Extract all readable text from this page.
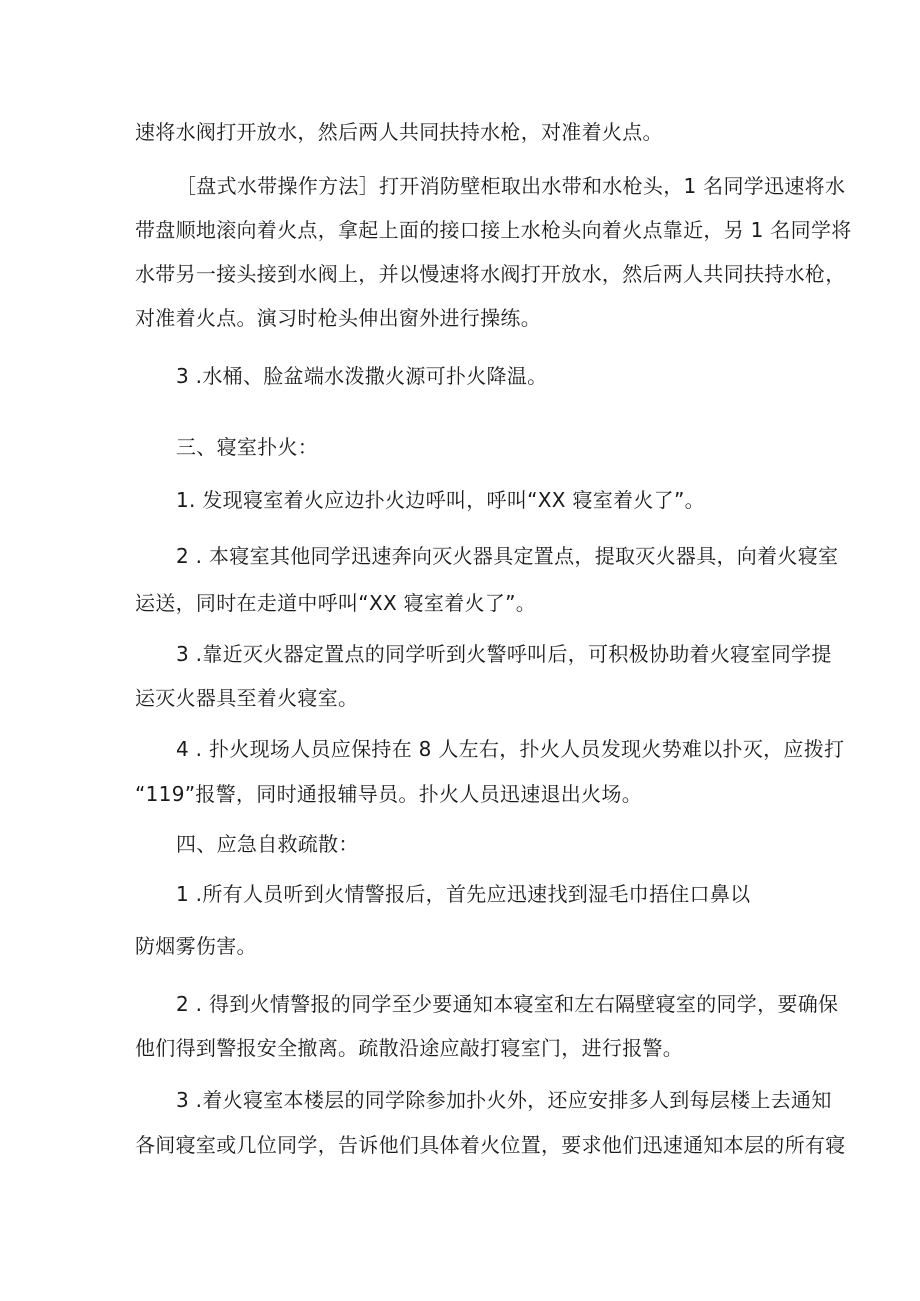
速将水阀打开放水，然后两人共同扶持水枪，对准着火点。
［盘式水带操作方法］打开消防壁柜取出水带和水枪头，1 名同学迅速将水
带盘顺地滚向着火点，拿起上面的接口接上水枪头向着火点靠近，另 1 名同学将
水带另一接头接到水阀上，并以慢速将水阀打开放水，然后两人共同扶持水枪，
对准着火点。演习时枪头伸出窗外进行操练。
3 .水桶、脸盆端水泼撒火源可扑火降温。
三、寝室扑火：
1. 发现寝室着火应边扑火边呼叫，呼叫“XX 寝室着火了”。
2 . 本寝室其他同学迅速奔向灭火器具定置点，提取灭火器具，向着火寝室
运送，同时在走道中呼叫“XX 寝室着火了”。
3 .靠近灭火器定置点的同学听到火警呼叫后，可积极协助着火寝室同学提
运灭火器具至着火寝室。
4 . 扑火现场人员应保持在 8 人左右，扑火人员发现火势难以扑灭，应拨打
“119”报警，同时通报辅导员。扑火人员迅速退出火场。
四、应急自救疏散：
1 .所有人员听到火情警报后，首先应迅速找到湿毛巾捂住口鼻以
防烟雾伤害。
2 . 得到火情警报的同学至少要通知本寝室和左右隔壁寝室的同学，要确保
他们得到警报安全撤离。疏散沿途应敲打寝室门，进行报警。
3 .着火寝室本楼层的同学除参加扑火外，还应安排多人到每层楼上去通知
各间寝室或几位同学，告诉他们具体着火位置，要求他们迅速通知本层的所有寝
